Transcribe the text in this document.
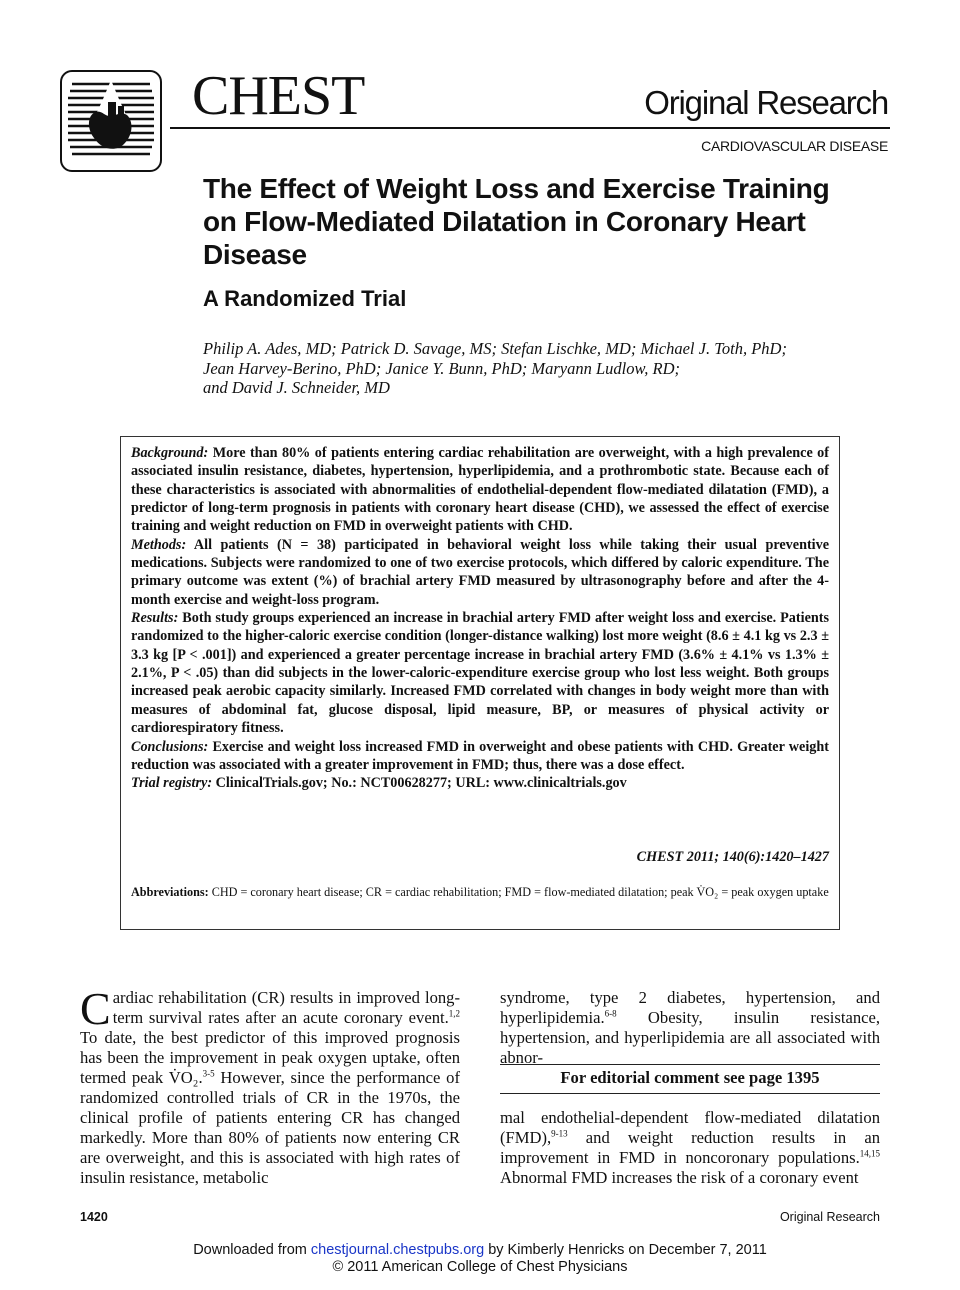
CHEST	Original Research
CARDIOVASCULAR DISEASE
The Effect of Weight Loss and Exercise Training on Flow-Mediated Dilatation in Coronary Heart Disease
A Randomized Trial
Philip A. Ades, MD; Patrick D. Savage, MS; Stefan Lischke, MD; Michael J. Toth, PhD;
Jean Harvey-Berino, PhD; Janice Y. Bunn, PhD; Maryann Ludlow, RD;
and David J. Schneider, MD
Background: More than 80% of patients entering cardiac rehabilitation are overweight, with a high prevalence of associated insulin resistance, diabetes, hypertension, hyperlipidemia, and a prothrombotic state. Because each of these characteristics is associated with abnormalities of endothelial-dependent flow-mediated dilatation (FMD), a predictor of long-term prognosis in patients with coronary heart disease (CHD), we assessed the effect of exercise training and weight reduction on FMD in overweight patients with CHD.
Methods: All patients (N = 38) participated in behavioral weight loss while taking their usual preventive medications. Subjects were randomized to one of two exercise protocols, which differed by caloric expenditure. The primary outcome was extent (%) of brachial artery FMD measured by ultrasonography before and after the 4-month exercise and weight-loss program.
Results: Both study groups experienced an increase in brachial artery FMD after weight loss and exercise. Patients randomized to the higher-caloric exercise condition (longer-distance walking) lost more weight (8.6 ± 4.1 kg vs 2.3 ± 3.3 kg [P < .001]) and experienced a greater percentage increase in brachial artery FMD (3.6% ± 4.1% vs 1.3% ± 2.1%, P < .05) than did subjects in the lower-caloric-expenditure exercise group who lost less weight. Both groups increased peak aerobic capacity similarly. Increased FMD correlated with changes in body weight more than with measures of abdominal fat, glucose disposal, lipid measure, BP, or measures of physical activity or cardiorespiratory fitness.
Conclusions: Exercise and weight loss increased FMD in overweight and obese patients with CHD. Greater weight reduction was associated with a greater improvement in FMD; thus, there was a dose effect.
Trial registry: ClinicalTrials.gov; No.: NCT00628277; URL: www.clinicaltrials.gov
CHEST 2011; 140(6):1420–1427
Abbreviations: CHD = coronary heart disease; CR = cardiac rehabilitation; FMD = flow-mediated dilatation; peak V̇O₂ = peak oxygen uptake
Cardiac rehabilitation (CR) results in improved long-term survival rates after an acute coronary event.$^{1,2}$ To date, the best predictor of this improved prognosis has been the improvement in peak oxygen uptake, often termed peak V̇O₂.$^{3-5}$ However, since the performance of randomized controlled trials of CR in the 1970s, the clinical profile of patients entering CR has changed markedly. More than 80% of patients now entering CR are overweight, and this is associated with high rates of insulin resistance, metabolic
syndrome, type 2 diabetes, hypertension, and hyperlipidemia.$^{6-8}$ Obesity, insulin resistance, hypertension, and hyperlipidemia are all associated with abnor-
For editorial comment see page 1395
mal endothelial-dependent flow-mediated dilatation (FMD),$^{9-13}$ and weight reduction results in an improvement in FMD in noncoronary populations.$^{14,15}$ Abnormal FMD increases the risk of a coronary event
1420	Original Research
Downloaded from chestjournal.chestpubs.org by Kimberly Henricks on December 7, 2011
© 2011 American College of Chest Physicians
